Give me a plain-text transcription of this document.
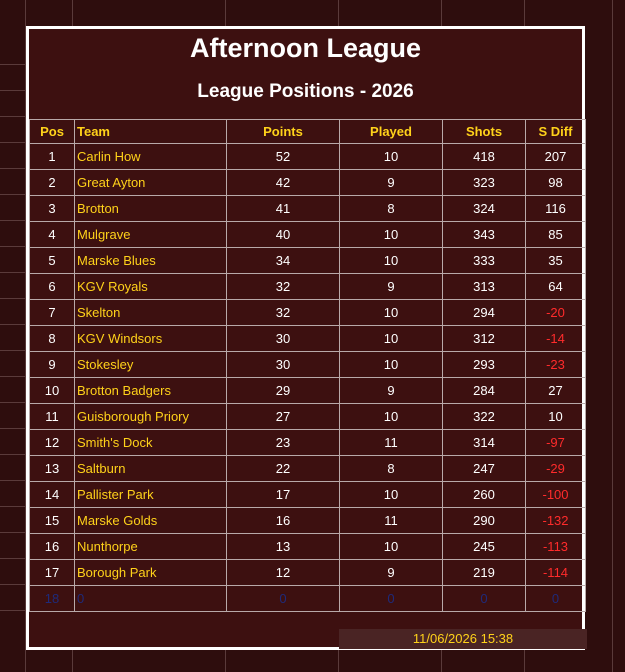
Afternoon League
League Positions - 2026
Pos	Team	Points	Played	Shots	S Diff
1	Carlin How	52	10	418	207
2	Great Ayton	42	9	323	98
3	Brotton	41	8	324	116
4	Mulgrave	40	10	343	85
5	Marske Blues	34	10	333	35
6	KGV Royals	32	9	313	64
7	Skelton	32	10	294	-20
8	KGV Windsors	30	10	312	-14
9	Stokesley	30	10	293	-23
10	Brotton Badgers	29	9	284	27
11	Guisborough Priory	27	10	322	10
12	Smith's Dock	23	11	314	-97
13	Saltburn	22	8	247	-29
14	Pallister Park	17	10	260	-100
15	Marske Golds	16	11	290	-132
16	Nunthorpe	13	10	245	-113
17	Borough Park	12	9	219	-114
18	0	0	0	0	0
11/06/2026 15:38
